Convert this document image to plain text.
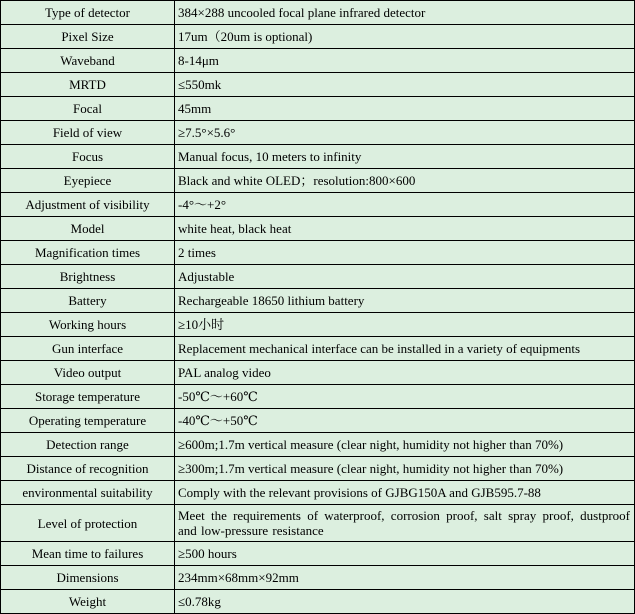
Type of detector	384×288 uncooled focal plane infrared detector
Pixel Size	17um（20um is optional)
Waveband	8-14μm
MRTD	≤550mk
Focal	45mm
Field of view	≥7.5°×5.6°
Focus	Manual focus, 10 meters to infinity
Eyepiece	Black and white OLED；resolution:800×600
Adjustment of visibility	-4°～+2°
Model	white heat, black heat
Magnification times	2 times
Brightness	Adjustable
Battery	Rechargeable 18650 lithium battery
Working hours	≥10小时
Gun interface	Replacement mechanical interface can be installed in a variety of equipments
Video output	PAL analog video
Storage temperature	-50℃～+60℃
Operating temperature	-40℃～+50℃
Detection range	≥600m;1.7m vertical measure (clear night, humidity not higher than 70%)
Distance of recognition	≥300m;1.7m vertical measure (clear night, humidity not higher than 70%)
environmental suitability	Comply with the relevant provisions of GJBG150A and GJB595.7-88
Level of protection	Meet the requirements of waterproof, corrosion proof, salt spray proof, dustproof and low-pressure resistance
Mean time to failures	≥500 hours
Dimensions	234mm×68mm×92mm
Weight	≤0.78kg
